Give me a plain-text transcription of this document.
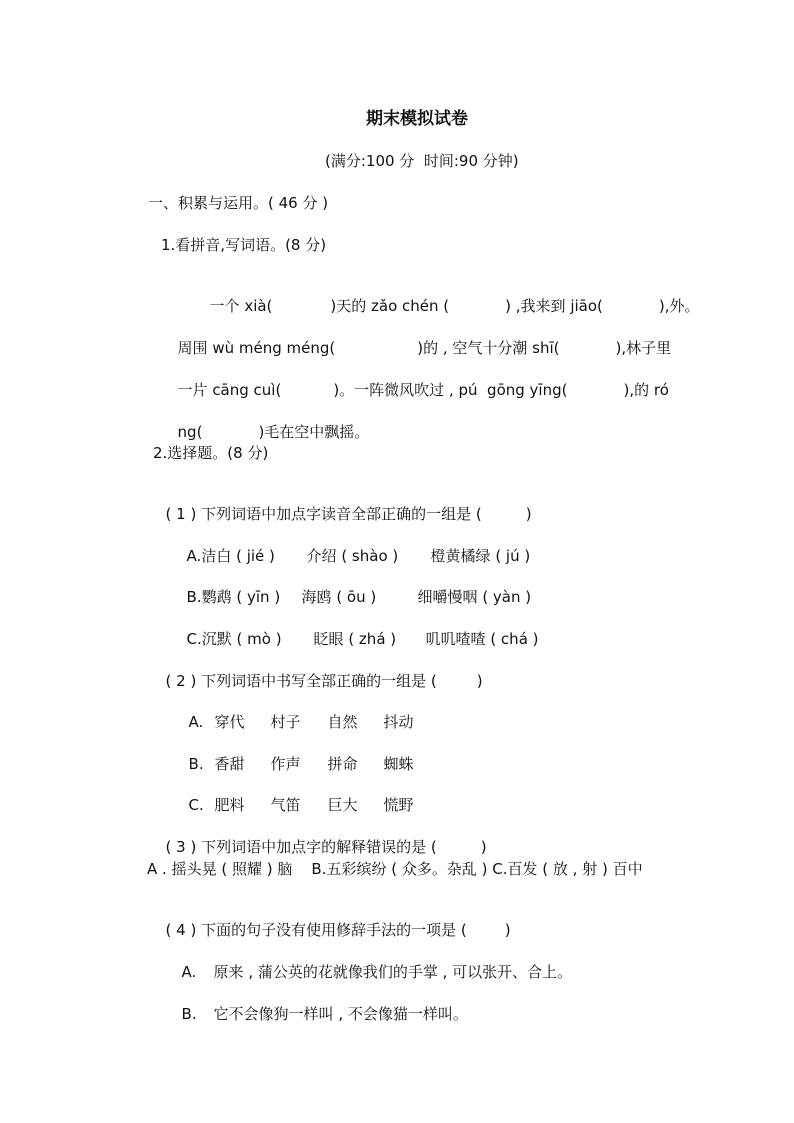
期末模拟试卷
(满分:100 分  时间:90 分钟)
一、积累与运用。( 46 分 )
1.看拼音,写词语。(8 分)

一个 xià(	)天的 zǎo chén (	) ,我来到 jiāo(	),外。

周围 wù méng méng(	)的 , 空气十分潮 shī(	),林子里

一片 cāng cuì(	)。一阵微风吹过 , pú  gōng yīng(	),的 ró

ng(	)毛在空中飘摇。

2.选择题。(8 分)

( 1 ) 下列词语中加点字读音全部正确的一组是 (	)

A.洁白 ( jié ) 介绍 ( shào ) 橙黄橘绿 ( jú )

B.鹦鹉 ( yīn ) 海鸥 ( ōu )	细嚼慢咽 ( yàn )

C.沉默 ( mò ) 眨眼 ( zhá ) 叽叽喳喳 ( chá )

( 2 ) 下列词语中书写全部正确的一组是 (	)

A. 穿代 村子 自然 抖动

B. 香甜 作声 拼命 蜘蛛

C. 肥料 气笛 巨大 慌野

( 3 ) 下列词语中加点字的解释错误的是 (	)

A . 摇头晃 ( 照耀 ) 脑    B.五彩缤纷 ( 众多。杂乱 ) C.百发 ( 放 , 射 ) 百中

( 4 ) 下面的句子没有使用修辞手法的一项是 (	)

A. 原来 , 蒲公英的花就像我们的手掌 , 可以张开、合上。

B. 它不会像狗一样叫 , 不会像猫一样叫。
